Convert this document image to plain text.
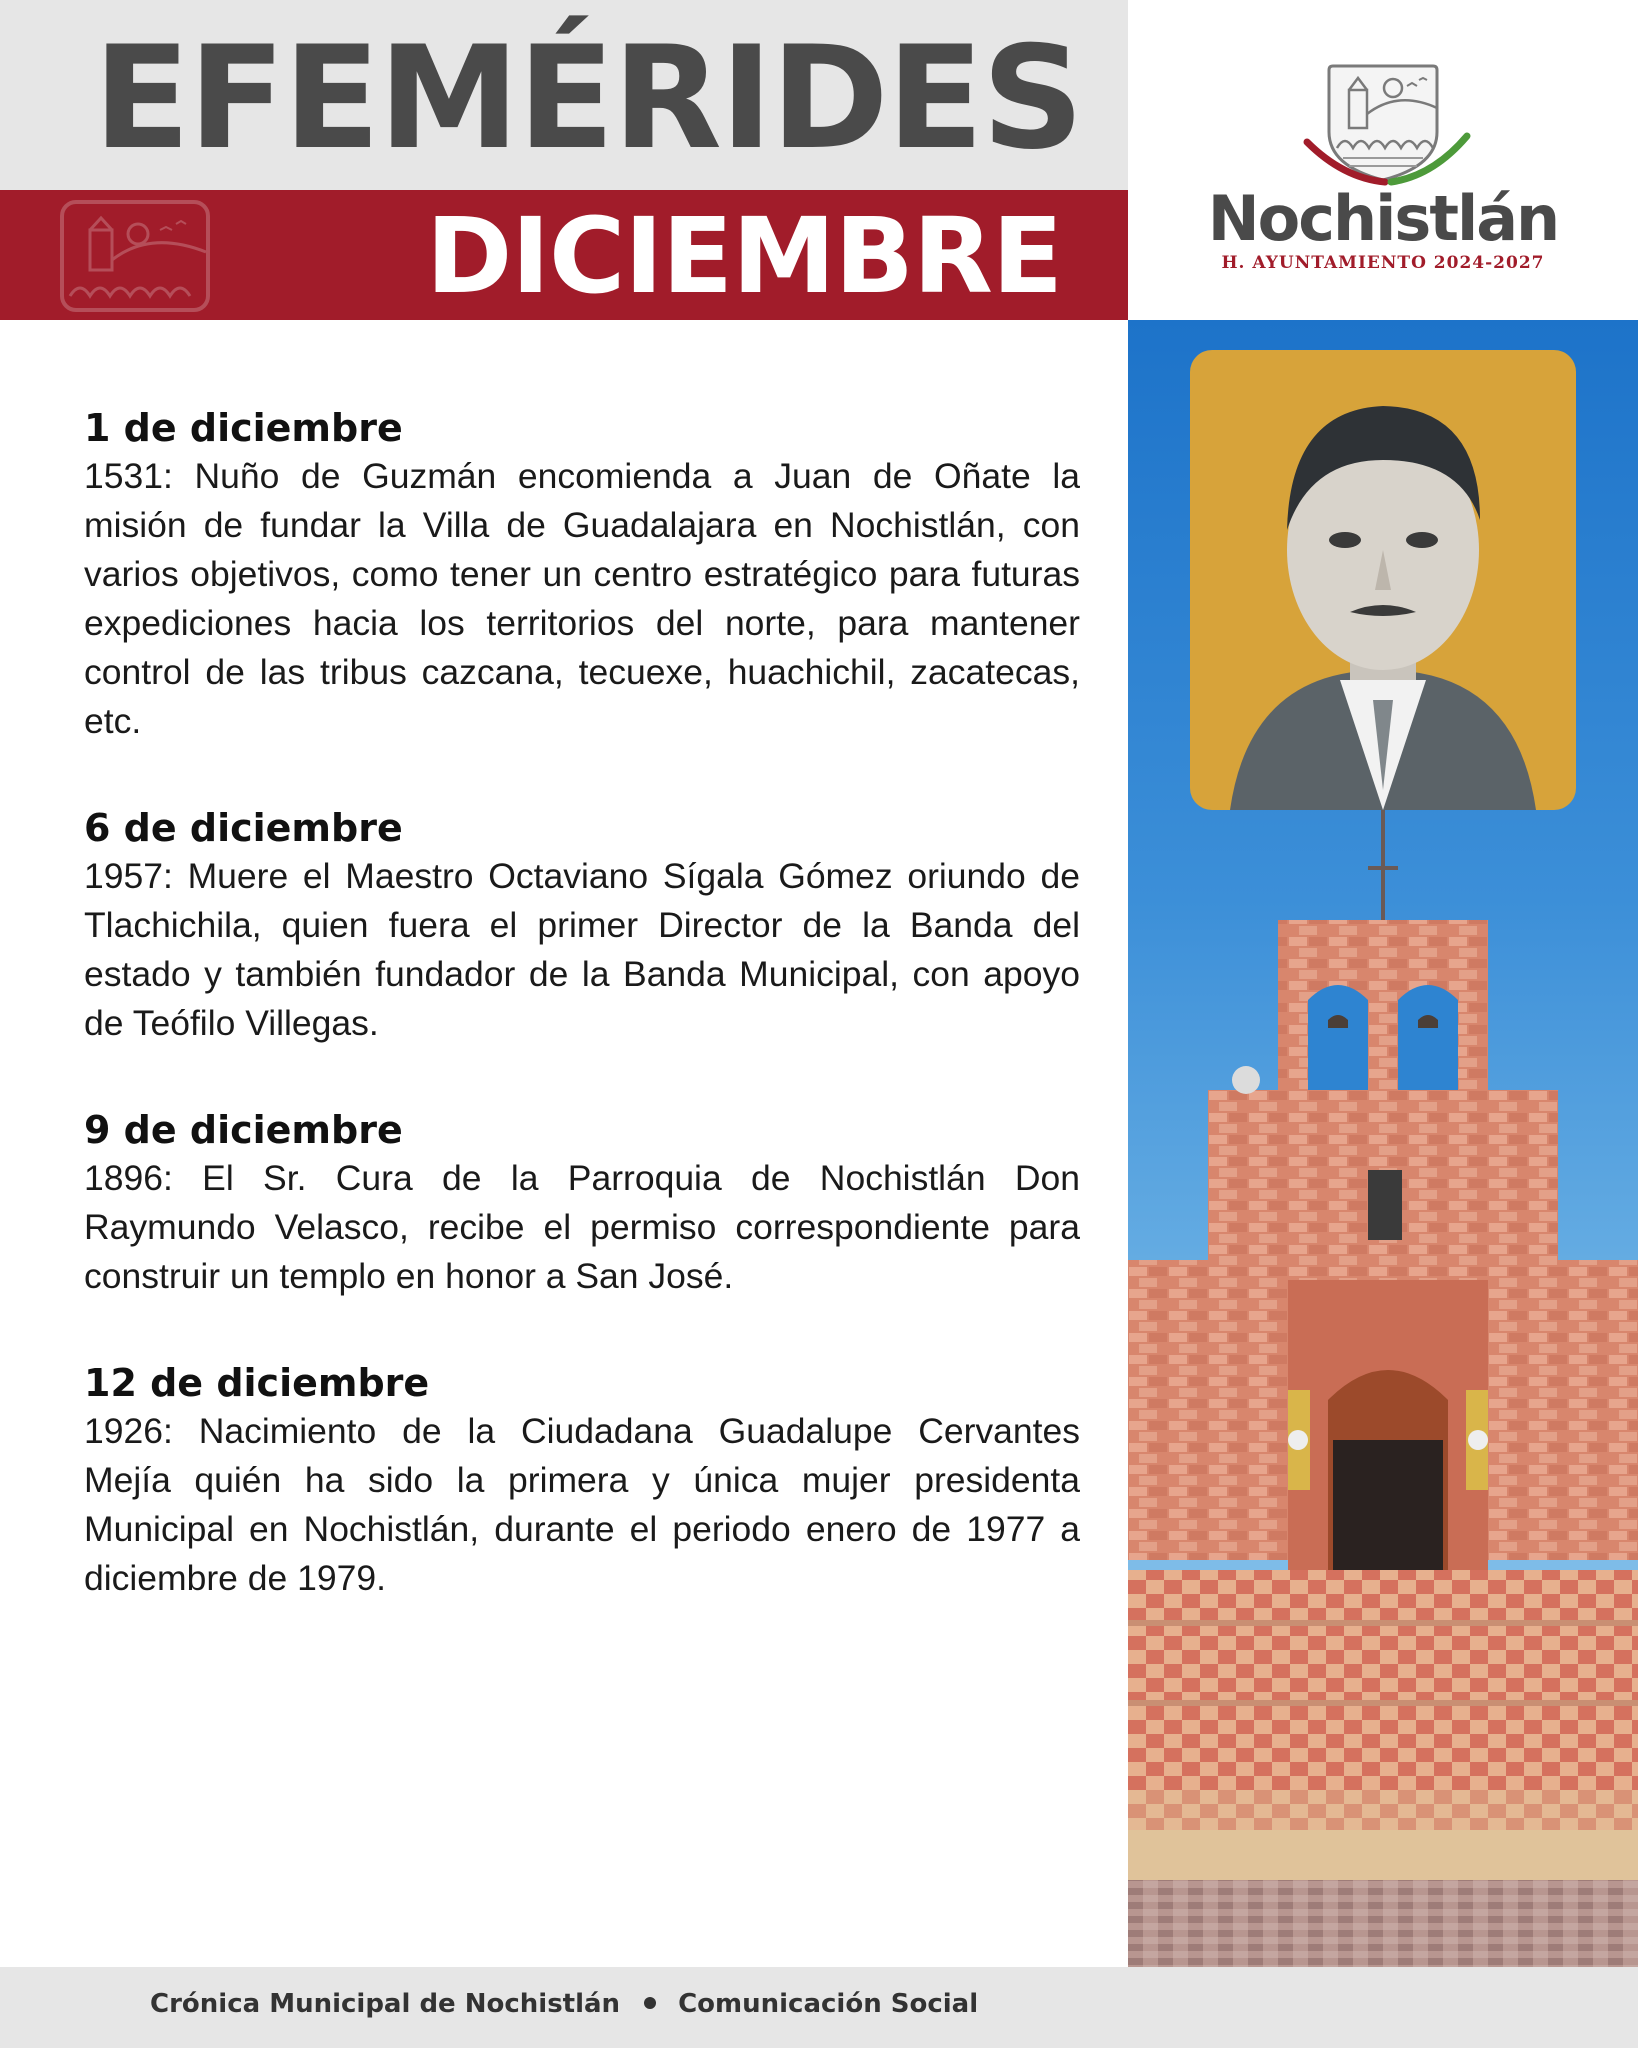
EFEMÉRIDES
DICIEMBRE	Nochistlán
H. AYUNTAMIENTO 2024-2027

1 de diciembre

1531: Nuño de Guzmán encomienda a Juan de Oñate la misión de fundar la Villa de Guadalajara en Nochistlán, con varios objetivos, como tener un centro estratégico para futuras expediciones hacia los territorios del norte, para mantener control de las tribus cazcana, tecuexe, huachichil, zacatecas, etc.

6 de diciembre

1957: Muere el Maestro Octaviano Sígala Gómez oriundo de Tlachichila, quien fuera el primer Director de la Banda del estado y también fundador de la Banda Municipal, con apoyo de Teófilo Villegas.

9 de diciembre

1896: El Sr. Cura de la Parroquia de Nochistlán Don Raymundo Velasco, recibe el permiso correspondiente para construir un templo en honor a San José.

12 de diciembre

1926: Nacimiento de la Ciudadana Guadalupe Cervantes Mejía quién ha sido la primera y única mujer presidenta Municipal en Nochistlán, durante el periodo enero de 1977 a diciembre de 1979.

Crónica Municipal de Nochistlán Comunicación Social
